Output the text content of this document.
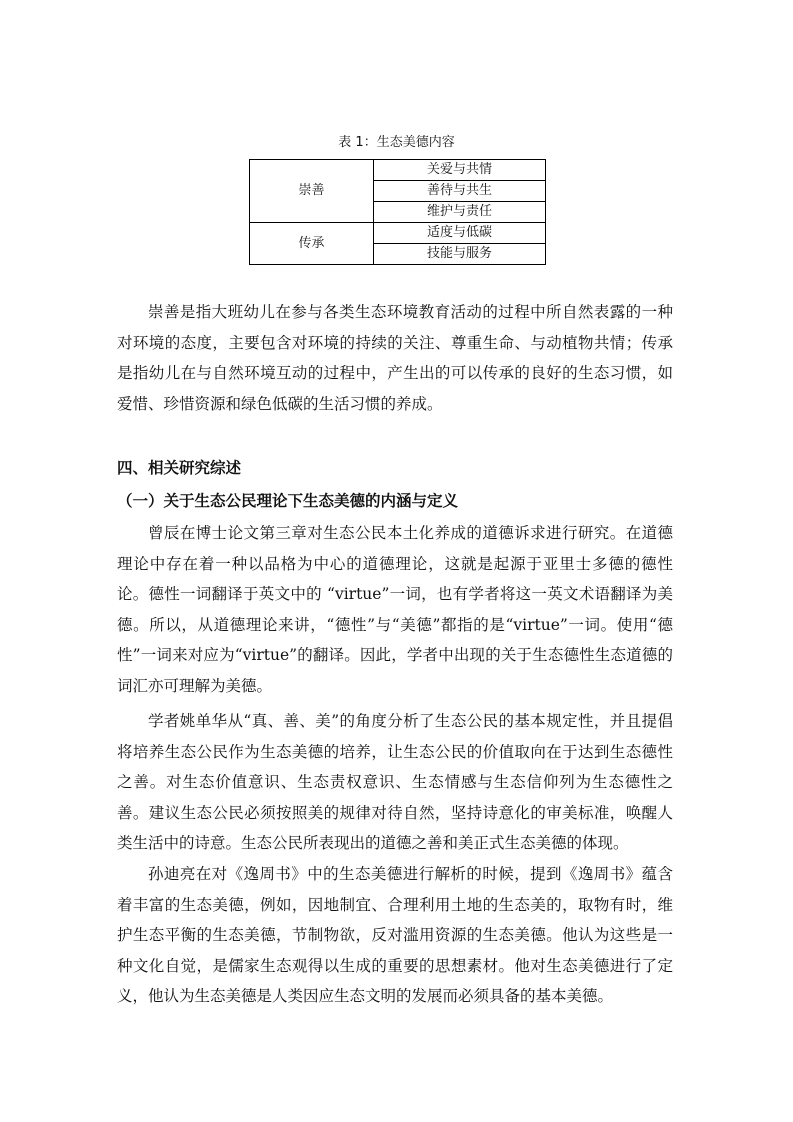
表 1：生态美德内容
崇善	关爱与共情
	善待与共生
	维护与责任
传承	适度与低碳
	技能与服务

崇善是指大班幼儿在参与各类生态环境教育活动的过程中所自然表露的一种对环境的态度，主要包含对环境的持续的关注、尊重生命、与动植物共情；传承是指幼儿在与自然环境互动的过程中，产生出的可以传承的良好的生态习惯，如爱惜、珍惜资源和绿色低碳的生活习惯的养成。

四、相关研究综述

（一）关于生态公民理论下生态美德的内涵与定义

曾辰在博士论文第三章对生态公民本土化养成的道德诉求进行研究。在道德理论中存在着一种以品格为中心的道德理论，这就是起源于亚里士多德的德性论。德性一词翻译于英文中的 “virtue”一词，也有学者将这一英文术语翻译为美德。所以，从道德理论来讲，“德性”与“美德”都指的是“virtue”一词。使用“德性”一词来对应为“virtue”的翻译。因此，学者中出现的关于生态德性生态道德的词汇亦可理解为美德。

学者姚单华从“真、善、美”的角度分析了生态公民的基本规定性，并且提倡将培养生态公民作为生态美德的培养，让生态公民的价值取向在于达到生态德性之善。对生态价值意识、生态责权意识、生态情感与生态信仰列为生态德性之善。建议生态公民必须按照美的规律对待自然，坚持诗意化的审美标准，唤醒人类生活中的诗意。生态公民所表现出的道德之善和美正式生态美德的体现。

孙迪亮在对《逸周书》中的生态美德进行解析的时候，提到《逸周书》蕴含着丰富的生态美德，例如，因地制宜、合理利用土地的生态美的，取物有时，维护生态平衡的生态美德，节制物欲，反对滥用资源的生态美德。他认为这些是一种文化自觉，是儒家生态观得以生成的重要的思想素材。他对生态美德进行了定义，他认为生态美德是人类因应生态文明的发展而必须具备的基本美德。
